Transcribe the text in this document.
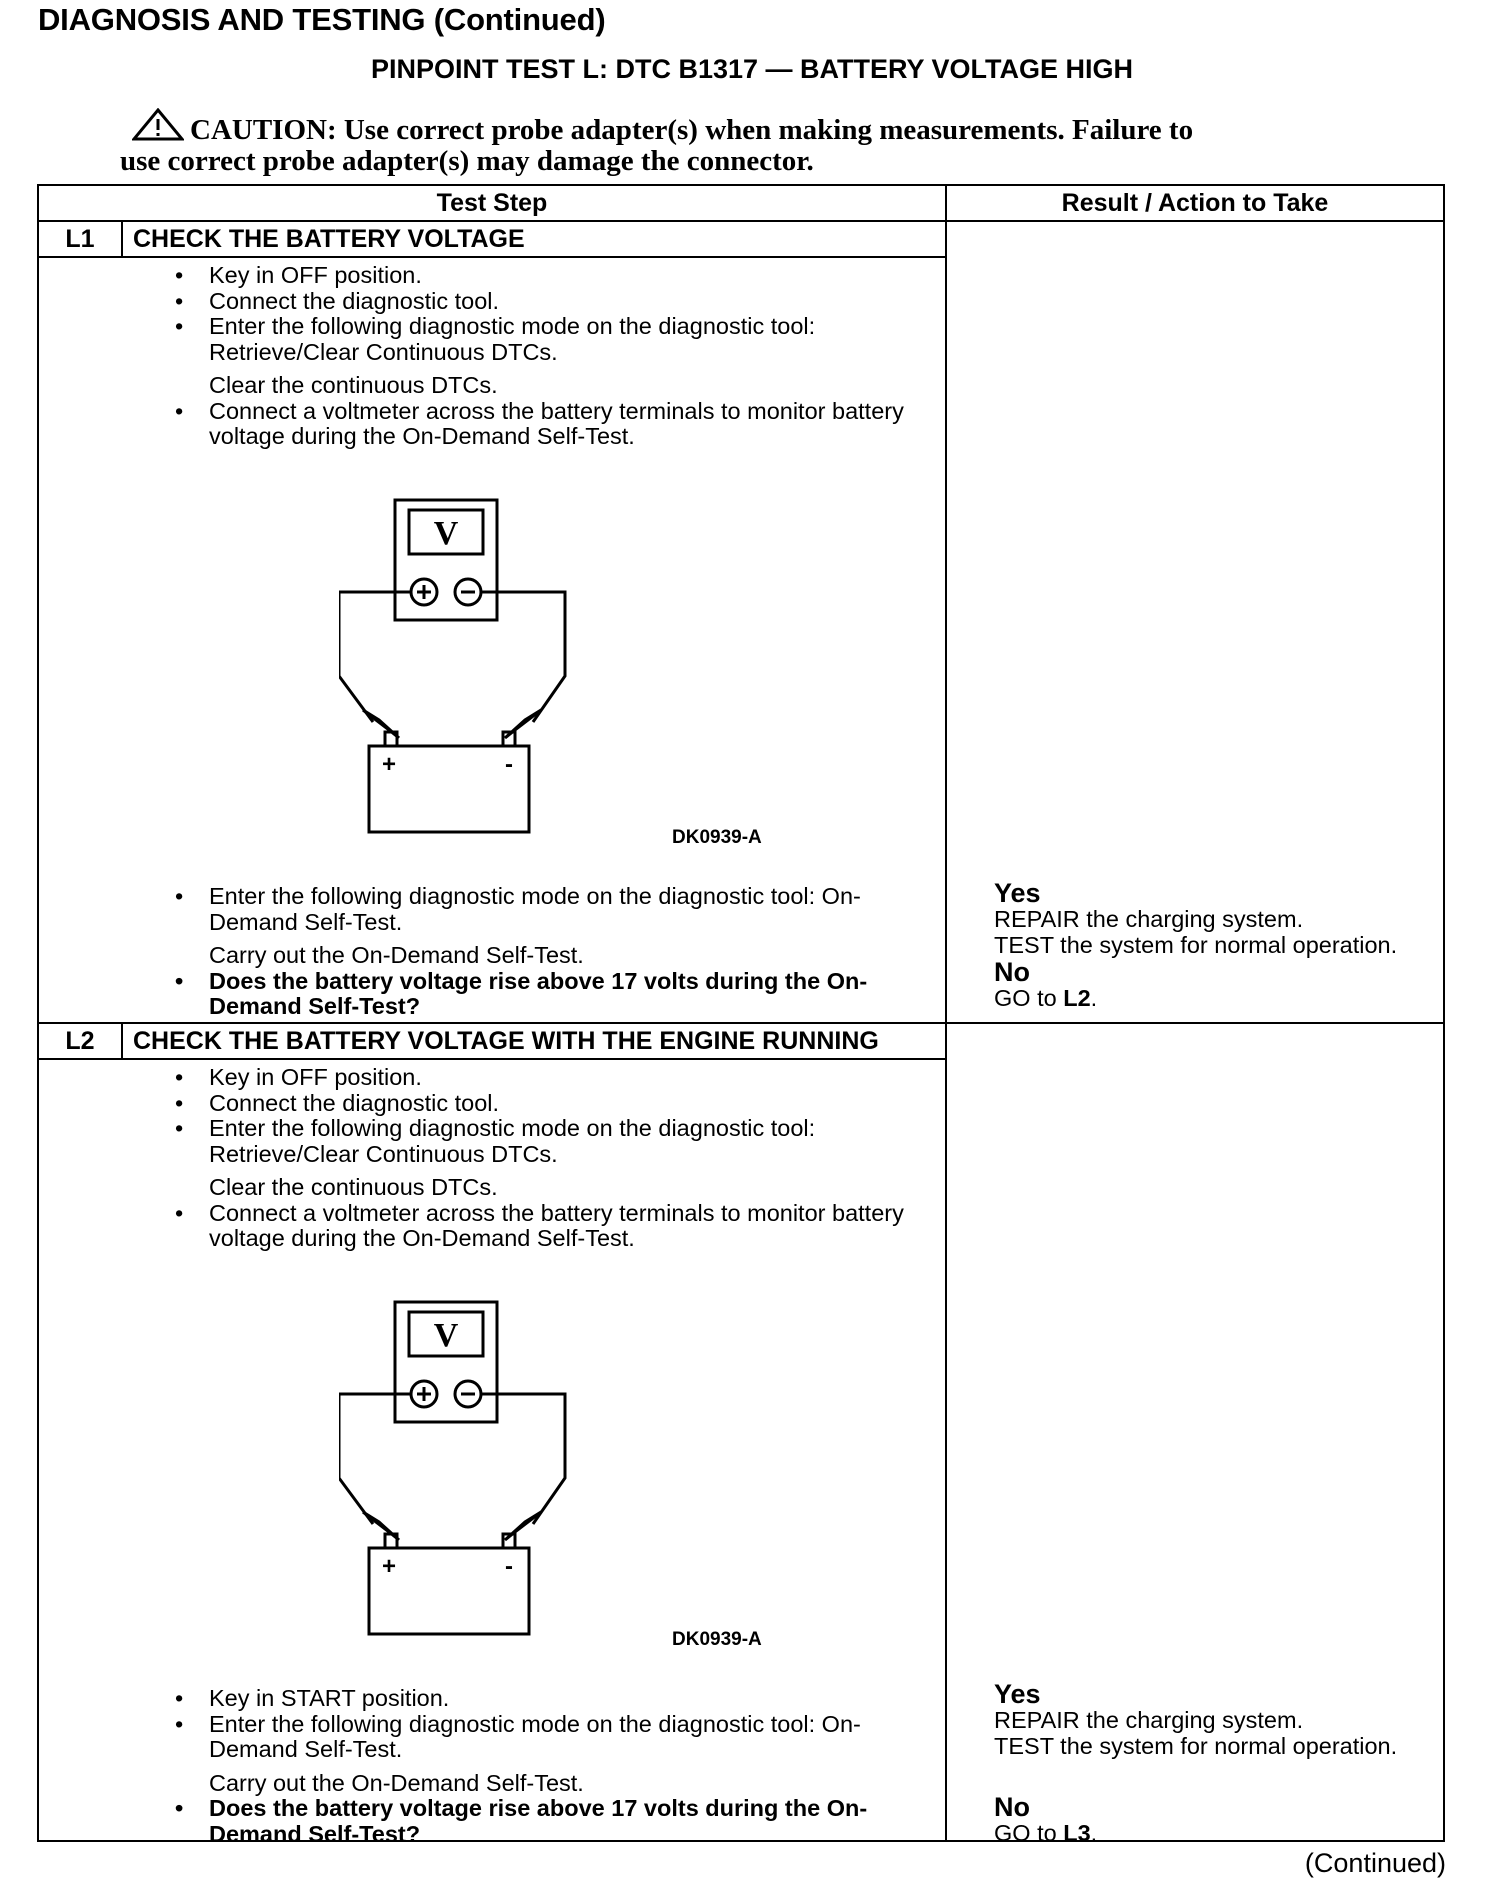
DIAGNOSIS AND TESTING (Continued)
PINPOINT TEST L: DTC B1317 — BATTERY VOLTAGE HIGH
CAUTION: Use correct probe adapter(s) when making measurements. Failure to
use correct probe adapter(s) may damage the connector.
Test Step	Result / Action to Take
L1	CHECK THE BATTERY VOLTAGE
• Key in OFF position.
• Connect the diagnostic tool.
• Enter the following diagnostic mode on the diagnostic tool: Retrieve/Clear Continuous DTCs.
Clear the continuous DTCs.
• Connect a voltmeter across the battery terminals to monitor battery voltage during the On-Demand Self-Test.
V
+	-
DK0939-A
• Enter the following diagnostic mode on the diagnostic tool: On-Demand Self-Test.
Carry out the On-Demand Self-Test.
• Does the battery voltage rise above 17 volts during the On-Demand Self-Test?
Yes
REPAIR the charging system.
TEST the system for normal operation.
No
GO to L2.
L2	CHECK THE BATTERY VOLTAGE WITH THE ENGINE RUNNING
• Key in OFF position.
• Connect the diagnostic tool.
• Enter the following diagnostic mode on the diagnostic tool: Retrieve/Clear Continuous DTCs.
Clear the continuous DTCs.
• Connect a voltmeter across the battery terminals to monitor battery voltage during the On-Demand Self-Test.
V
+	-
DK0939-A
• Key in START position.
• Enter the following diagnostic mode on the diagnostic tool: On-Demand Self-Test.
Carry out the On-Demand Self-Test.
• Does the battery voltage rise above 17 volts during the On-Demand Self-Test?
Yes
REPAIR the charging system.
TEST the system for normal operation.
No
GO to L3.
(Continued)
